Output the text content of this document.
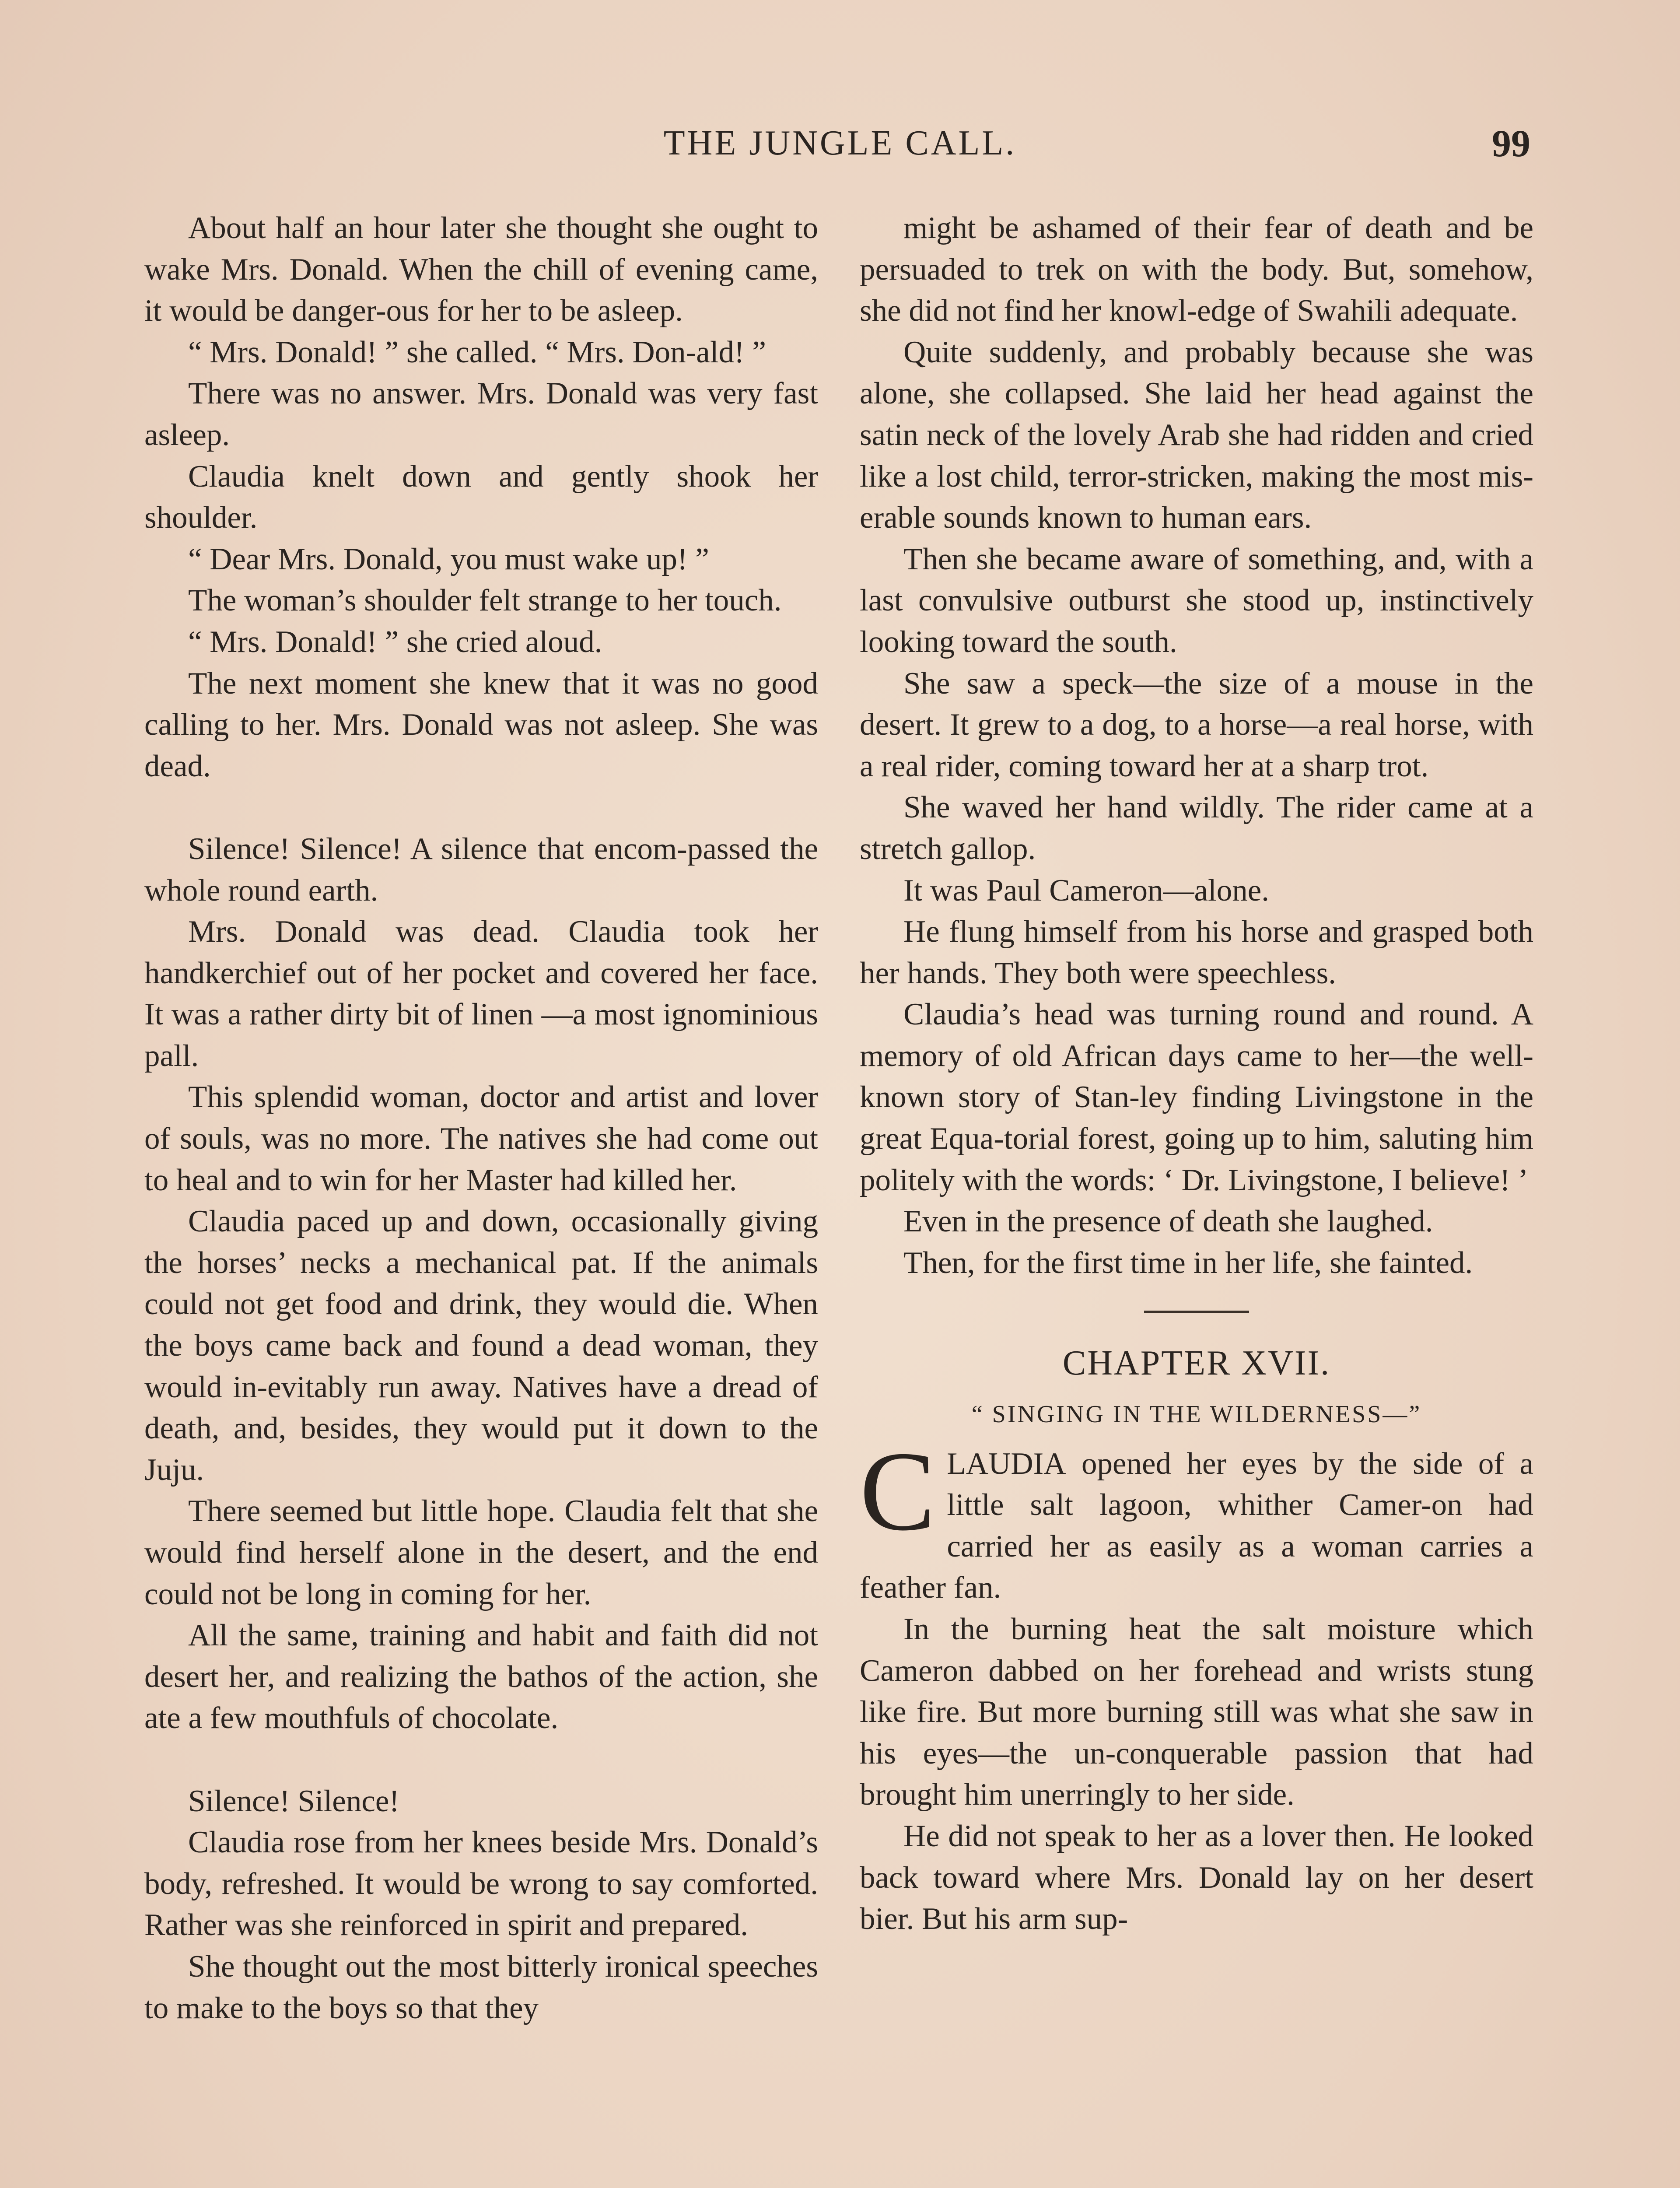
THE JUNGLE CALL.	99

About half an hour later she thought she ought to wake Mrs. Donald. When the chill of evening came, it would be danger-ous for her to be asleep.

“ Mrs. Donald! ” she called. “ Mrs. Don-ald! ”

There was no answer. Mrs. Donald was very fast asleep.

Claudia knelt down and gently shook her shoulder.

“ Dear Mrs. Donald, you must wake up! ”

The woman’s shoulder felt strange to her touch.

“ Mrs. Donald! ” she cried aloud.

The next moment she knew that it was no good calling to her. Mrs. Donald was not asleep. She was dead.

Silence! Silence! A silence that encom-passed the whole round earth.

Mrs. Donald was dead. Claudia took her handkerchief out of her pocket and covered her face. It was a rather dirty bit of linen —a most ignominious pall.

This splendid woman, doctor and artist and lover of souls, was no more. The natives she had come out to heal and to win for her Master had killed her.

Claudia paced up and down, occasionally giving the horses’ necks a mechanical pat. If the animals could not get food and drink, they would die. When the boys came back and found a dead woman, they would in-evitably run away. Natives have a dread of death, and, besides, they would put it down to the Juju.

There seemed but little hope. Claudia felt that she would find herself alone in the desert, and the end could not be long in coming for her.

All the same, training and habit and faith did not desert her, and realizing the bathos of the action, she ate a few mouthfuls of chocolate.

Silence! Silence!

Claudia rose from her knees beside Mrs. Donald’s body, refreshed. It would be wrong to say comforted. Rather was she reinforced in spirit and prepared.

She thought out the most bitterly ironical speeches to make to the boys so that they

might be ashamed of their fear of death and be persuaded to trek on with the body. But, somehow, she did not find her knowl-edge of Swahili adequate.

Quite suddenly, and probably because she was alone, she collapsed. She laid her head against the satin neck of the lovely Arab she had ridden and cried like a lost child, terror-stricken, making the most mis-erable sounds known to human ears.

Then she became aware of something, and, with a last convulsive outburst she stood up, instinctively looking toward the south.

She saw a speck—the size of a mouse in the desert. It grew to a dog, to a horse—a real horse, with a real rider, coming toward her at a sharp trot.

She waved her hand wildly. The rider came at a stretch gallop.

It was Paul Cameron—alone.

He flung himself from his horse and grasped both her hands. They both were speechless.

Claudia’s head was turning round and round. A memory of old African days came to her—the well-known story of Stan-ley finding Livingstone in the great Equa-torial forest, going up to him, saluting him politely with the words: ‘ Dr. Livingstone, I believe! ’

Even in the presence of death she laughed.

Then, for the first time in her life, she fainted.

CHAPTER XVII.
“ SINGING IN THE WILDERNESS—”

CLAUDIA opened her eyes by the side of a little salt lagoon, whither Camer-on had carried her as easily as a woman carries a feather fan.

In the burning heat the salt moisture which Cameron dabbed on her forehead and wrists stung like fire. But more burning still was what she saw in his eyes—the un-conquerable passion that had brought him unerringly to her side.

He did not speak to her as a lover then. He looked back toward where Mrs. Donald lay on her desert bier. But his arm sup-
